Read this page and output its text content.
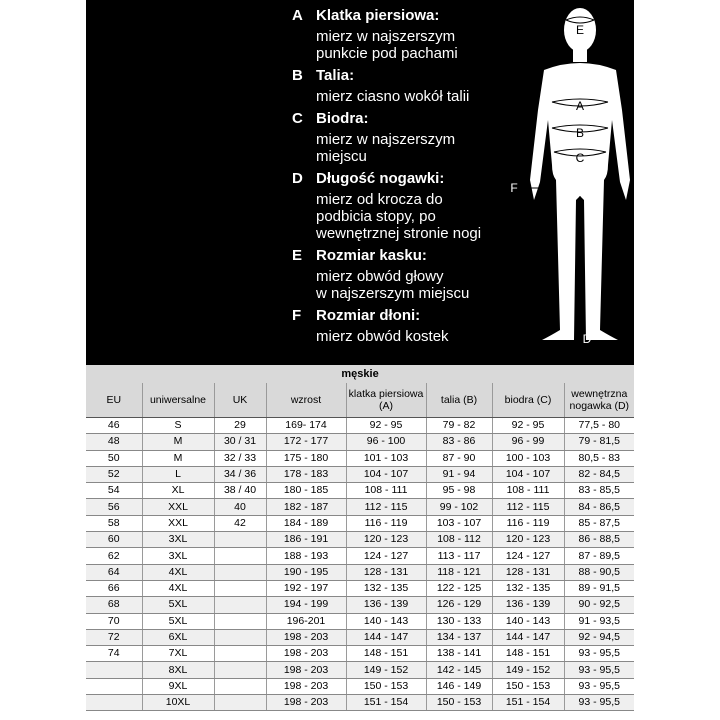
A Klatka piersiowa:
mierz w najszerszym
punkcie pod pachami
B Talia:
mierz ciasno wokół talii
C Biodra:
mierz w najszerszym
miejscu
D Długość nogawki:
mierz od krocza do
podbicia stopy, po
wewnętrznej stronie nogi
E Rozmiar kasku:
mierz obwód głowy
w najszerszym miejscu
F Rozmiar dłoni:
mierz obwód kostek
E
A
B
C
F
D
męskie							
EU	uniwersalne	UK	wzrost	klatka piersiowa (A)	talia (B)	biodra (C)	wewnętrzna nogawka (D)
46	S	29	169- 174	92 - 95	79 - 82	92 - 95	77,5 - 80
48	M	30 / 31	172 - 177	96 - 100	83 - 86	96 - 99	79 - 81,5
50	M	32 / 33	175 - 180	101 - 103	87 - 90	100 - 103	80,5 - 83
52	L	34 / 36	178 - 183	104 - 107	91 - 94	104 - 107	82 - 84,5
54	XL	38 / 40	180 - 185	108 - 111	95 - 98	108 - 111	83 - 85,5
56	XXL	40	182 - 187	112 - 115	99 - 102	112 - 115	84 - 86,5
58	XXL	42	184 - 189	116 - 119	103 - 107	116 - 119	85 - 87,5
60	3XL		186 - 191	120 - 123	108 - 112	120 - 123	86 - 88,5
62	3XL		188 - 193	124 - 127	113 - 117	124 - 127	87 - 89,5
64	4XL		190 - 195	128 - 131	118 - 121	128 - 131	88 - 90,5
66	4XL		192 - 197	132 - 135	122 - 125	132 - 135	89 - 91,5
68	5XL		194 - 199	136 - 139	126 - 129	136 - 139	90 - 92,5
70	5XL		196-201	140 - 143	130 - 133	140 - 143	91 - 93,5
72	6XL		198 - 203	144 - 147	134 - 137	144 - 147	92 - 94,5
74	7XL		198 - 203	148 - 151	138 - 141	148 - 151	93 - 95,5
	8XL		198 - 203	149 - 152	142 - 145	149 - 152	93 - 95,5
	9XL		198 - 203	150 - 153	146 - 149	150 - 153	93 - 95,5
	10XL		198 - 203	151 - 154	150 - 153	151 - 154	93 - 95,5
